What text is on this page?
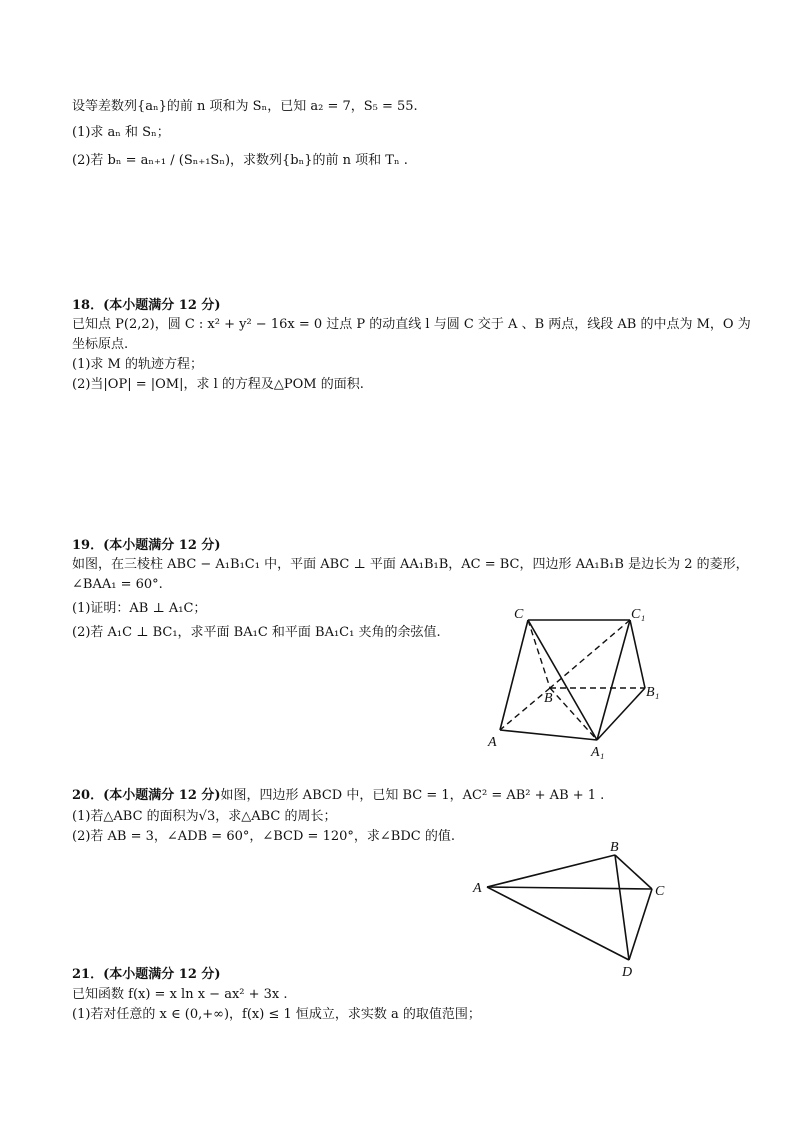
设等差数列{aₙ}的前 n 项和为 Sₙ，已知 a₂ = 7，S₅ = 55.
(1)求 aₙ 和 Sₙ；
(2)若 bₙ = aₙ₊₁ / (Sₙ₊₁Sₙ)，求数列{bₙ}的前 n 项和 Tₙ .
18．(本小题满分 12 分)
已知点 P(2,2)，圆 C : x² + y² − 16x = 0 过点 P 的动直线 l 与圆 C 交于 A 、B 两点，线段 AB 的中点为 M，O 为
坐标原点.
(1)求 M 的轨迹方程；
(2)当|OP| = |OM|，求 l 的方程及△POM 的面积.
19．(本小题满分 12 分)
如图，在三棱柱 ABC − A₁B₁C₁ 中，平面 ABC ⊥ 平面 AA₁B₁B，AC = BC，四边形 AA₁B₁B 是边长为 2 的菱形，
∠BAA₁ = 60°.
(1)证明：AB ⊥ A₁C；
(2)若 A₁C ⊥ BC₁，求平面 BA₁C 和平面 BA₁C₁ 夹角的余弦值.
C	C₁
B	B₁
A
A₁
20．(本小题满分 12 分)如图，四边形 ABCD 中，已知 BC = 1，AC² = AB² + AB + 1 .
(1)若△ABC 的面积为√3，求△ABC 的周长；
(2)若 AB = 3，∠ADB = 60°，∠BCD = 120°，求∠BDC 的值.
A
B
C
D
21．(本小题满分 12 分)
已知函数 f(x) = x ln x − ax² + 3x .
(1)若对任意的 x ∈ (0,+∞)，f(x) ≤ 1 恒成立，求实数 a 的取值范围；
